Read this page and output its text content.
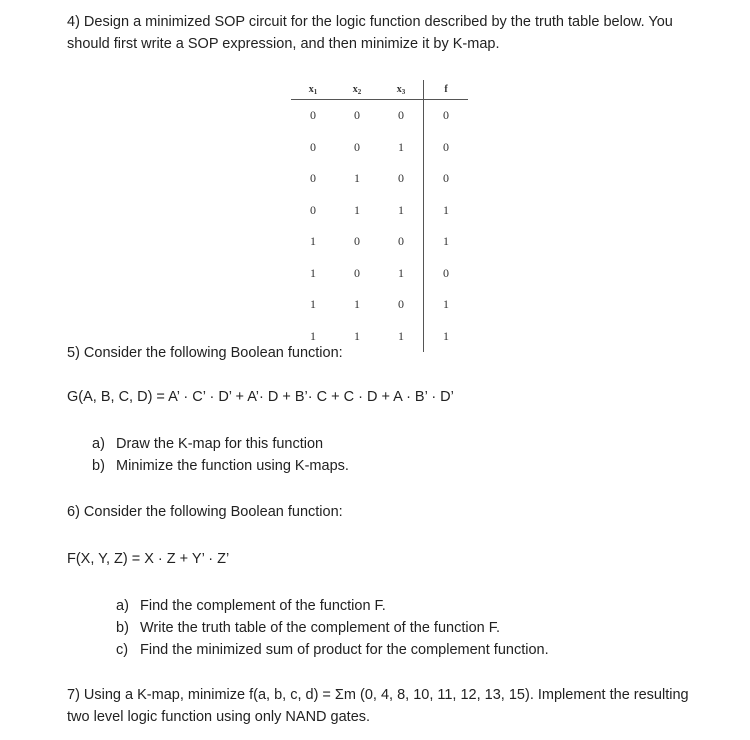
4) Design a minimized SOP circuit for the logic function described by the truth table below. You should first write a SOP expression, and then minimize it by K-map.

$x_1$	$x_2$	$x_3$	f
0	0	0	0
0	0	1	0
0	1	0	0
0	1	1	1
1	0	0	1
1	0	1	0
1	1	0	1
1	1	1	1

5) Consider the following Boolean function:

G(A, B, C, D) = A’ · C’ · D’ + A’· D + B’· C + C · D + A · B’ · D’

a) Draw the K-map for this function
b) Minimize the function using K-maps.

6) Consider the following Boolean function:

F(X, Y, Z) = X · Z + Y’ · Z’

a) Find the complement of the function F.
b) Write the truth table of the complement of the function F.
c) Find the minimized sum of product for the complement function.

7) Using a K-map, minimize f(a, b, c, d) = Σm (0, 4, 8, 10, 11, 12, 13, 15). Implement the resulting two level logic function using only NAND gates.
